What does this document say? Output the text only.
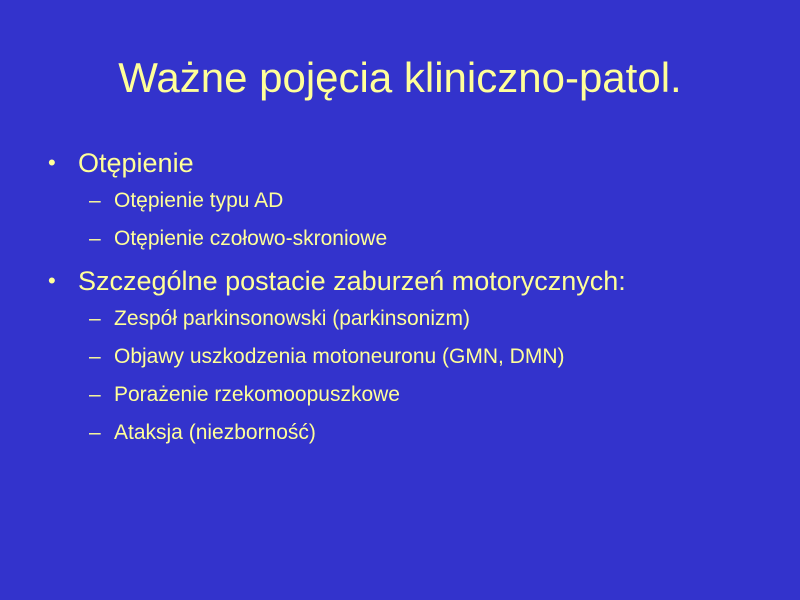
Ważne pojęcia kliniczno-patol.
• Otępienie
– Otępienie typu AD
– Otępienie czołowo-skroniowe
• Szczególne postacie zaburzeń motorycznych:
– Zespół parkinsonowski (parkinsonizm)
– Objawy uszkodzenia motoneuronu (GMN, DMN)
– Porażenie rzekomoopuszkowe
– Ataksja (niezborność)
